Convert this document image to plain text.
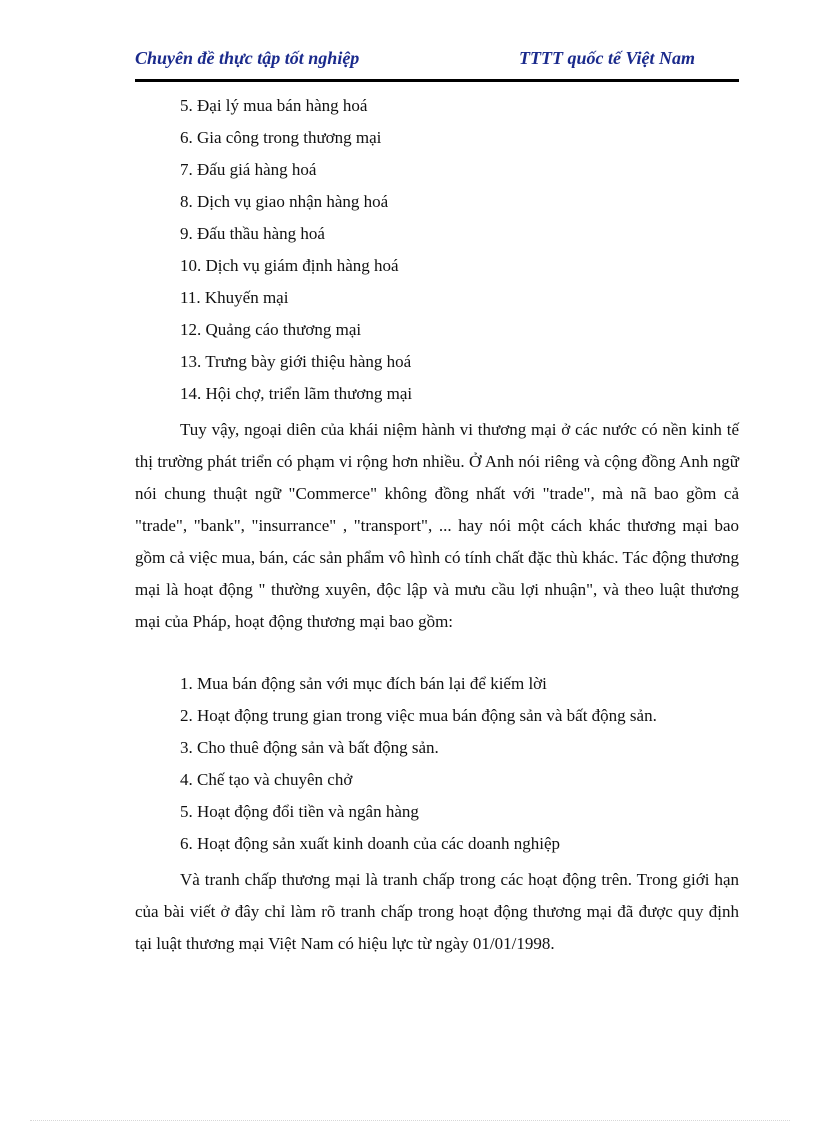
Chuyên đề thực tập tốt nghiệp	TTTT quốc tế Việt Nam
5. Đại lý mua bán hàng hoá
6. Gia công trong thương mại
7. Đấu giá hàng hoá
8. Dịch vụ giao nhận hàng hoá
9. Đấu thầu hàng hoá
10. Dịch vụ giám định hàng hoá
11. Khuyến mại
12. Quảng cáo thương mại
13. Trưng bày giới thiệu hàng hoá
14. Hội chợ, triển lãm thương mại
Tuy vậy, ngoại diên của khái niệm hành vi thương mại ở các nước có nền kinh tế thị trường phát triển có phạm vi rộng hơn nhiều. Ở Anh nói riêng và cộng đồng Anh ngữ nói chung thuật ngữ "Commerce" không đồng nhất với "trade", mà nã bao gồm cả "trade", "bank", "insurrance" , "transport", ... hay nói một cách khác thương mại bao gồm cả việc mua, bán, các sản phẩm vô hình có tính chất đặc thù khác. Tác động thương mại là hoạt động " thường xuyên, độc lập và mưu cầu lợi nhuận", và theo luật thương mại của Pháp, hoạt động thương mại bao gồm:
1. Mua bán động sản với mục đích bán lại để kiếm lời
2. Hoạt động trung gian trong việc mua bán động sản và bất động sản.
3. Cho thuê động sản và bất động sản.
4. Chế tạo và chuyên chở
5. Hoạt động đổi tiền và ngân hàng
6. Hoạt động sản xuất kinh doanh của các doanh nghiệp
Và tranh chấp thương mại là tranh chấp trong các hoạt động trên. Trong giới hạn của bài viết ở đây chỉ làm rõ tranh chấp trong hoạt động thương mại đã được quy định tại luật thương mại Việt Nam có hiệu lực từ ngày 01/01/1998.
